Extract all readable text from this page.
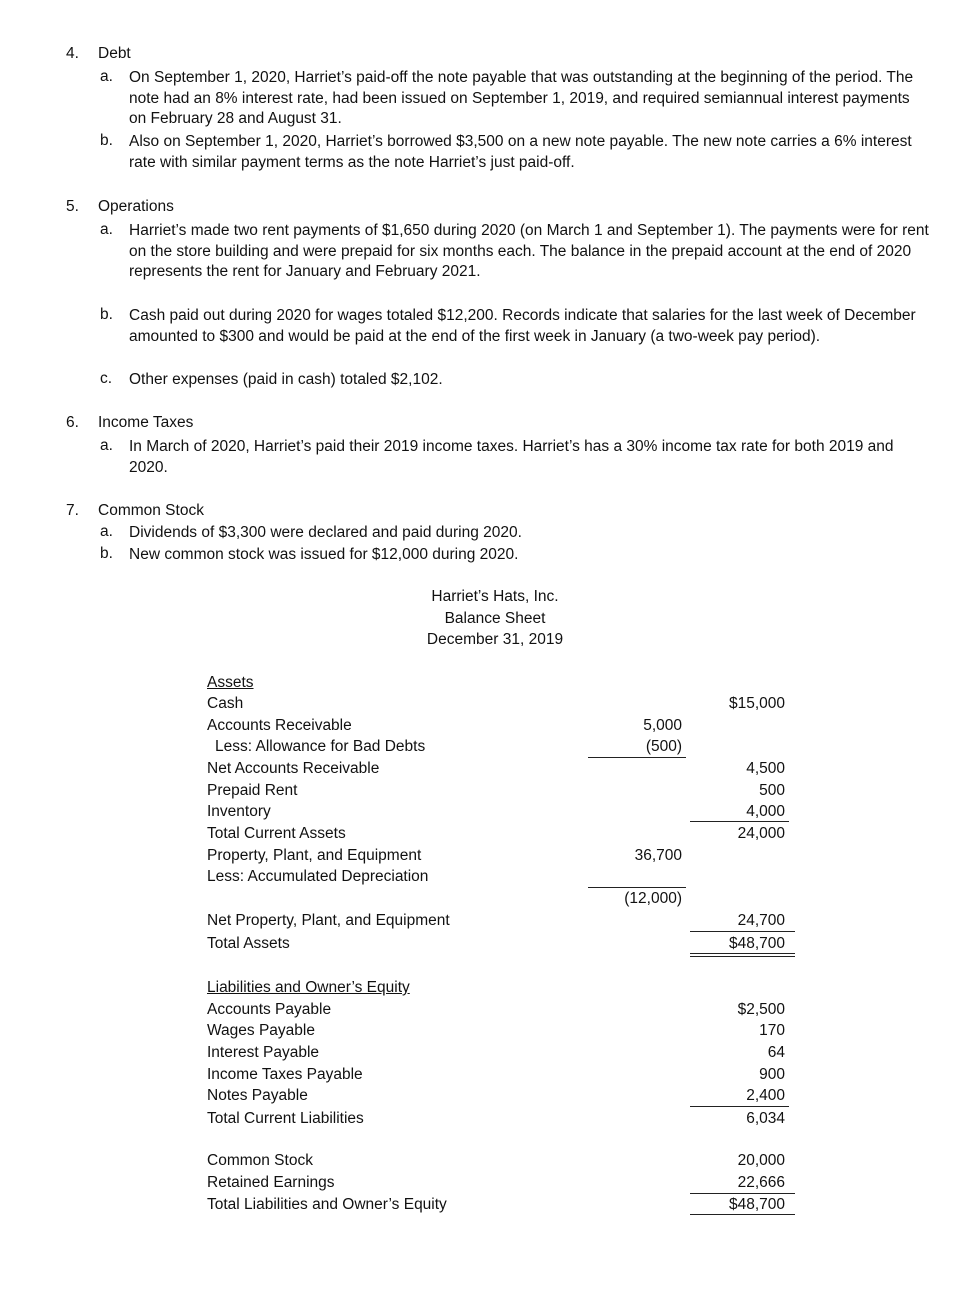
4. Debt
a. On September 1, 2020, Harriet’s paid-off the note payable that was outstanding at the beginning of the period. The note had an 8% interest rate, had been issued on September 1, 2019, and required semiannual interest payments on February 28 and August 31.
b. Also on September 1, 2020, Harriet’s borrowed $3,500 on a new note payable. The new note carries a 6% interest rate with similar payment terms as the note Harriet’s just paid-off.
5. Operations
a. Harriet’s made two rent payments of $1,650 during 2020 (on March 1 and September 1). The payments were for rent on the store building and were prepaid for six months each. The balance in the prepaid account at the end of 2020 represents the rent for January and February 2021.
b. Cash paid out during 2020 for wages totaled $12,200. Records indicate that salaries for the last week of December amounted to $300 and would be paid at the end of the first week in January (a two-week pay period).
c. Other expenses (paid in cash) totaled $2,102.
6. Income Taxes
a. In March of 2020, Harriet’s paid their 2019 income taxes. Harriet’s has a 30% income tax rate for both 2019 and 2020.
7. Common Stock
a. Dividends of $3,300 were declared and paid during 2020.
b. New common stock was issued for $12,000 during 2020.
Harriet’s Hats, Inc.
Balance Sheet
December 31, 2019
Assets
Cash	$15,000
Accounts Receivable	5,000
Less: Allowance for Bad Debts	(500)
Net Accounts Receivable	4,500
Prepaid Rent	500
Inventory	4,000
Total Current Assets	24,000
Property, Plant, and Equipment	36,700
Less: Accumulated Depreciation
(12,000)
Net Property, Plant, and Equipment	24,700
Total Assets	$48,700
Liabilities and Owner’s Equity
Accounts Payable	$2,500
Wages Payable	170
Interest Payable	64
Income Taxes Payable	900
Notes Payable	2,400
Total Current Liabilities	6,034
Common Stock	20,000
Retained Earnings	22,666
Total Liabilities and Owner’s Equity	$48,700
